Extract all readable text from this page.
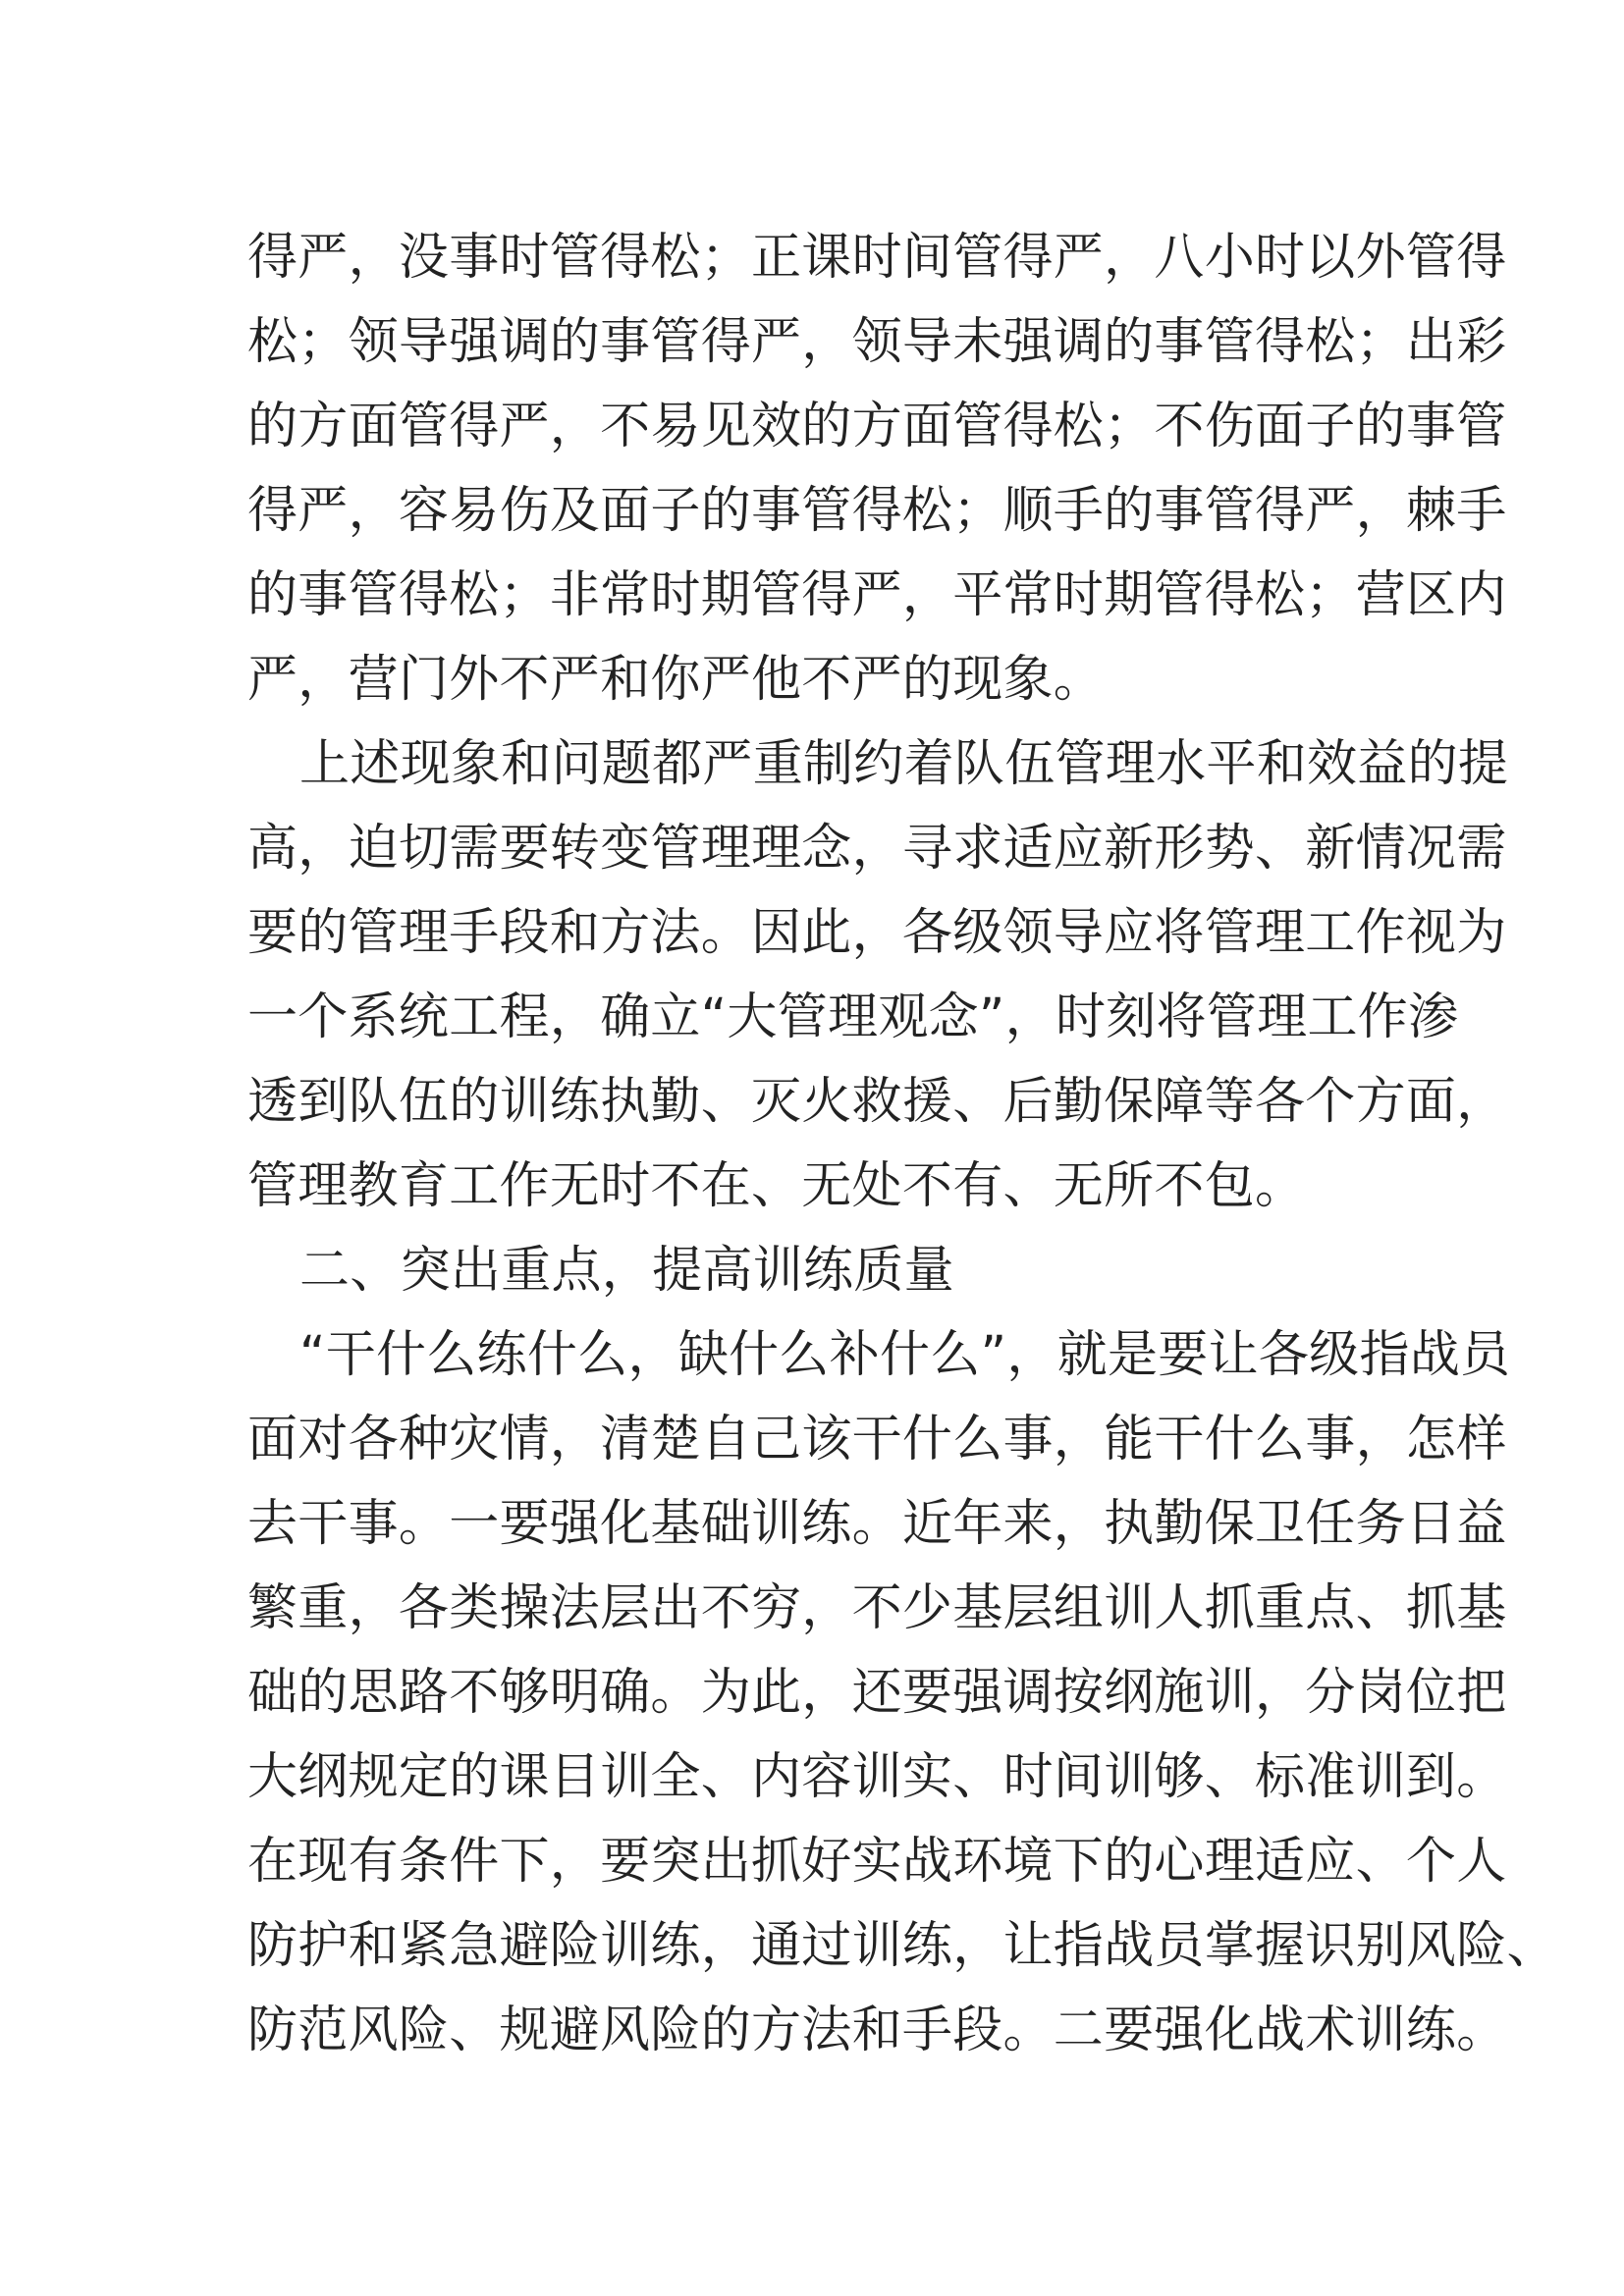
得严，没事时管得松；正课时间管得严，八小时以外管得
松；领导强调的事管得严，领导未强调的事管得松；出彩
的方面管得严，不易见效的方面管得松；不伤面子的事管
得严，容易伤及面子的事管得松；顺手的事管得严，棘手
的事管得松；非常时期管得严，平常时期管得松；营区内
严，营门外不严和你严他不严的现象。
上述现象和问题都严重制约着队伍管理水平和效益的提
高，迫切需要转变管理理念，寻求适应新形势、新情况需
要的管理手段和方法。因此，各级领导应将管理工作视为
一个系统工程，确立“大管理观念”，时刻将管理工作渗
透到队伍的训练执勤、灭火救援、后勤保障等各个方面，
管理教育工作无时不在、无处不有、无所不包。
二、突出重点，提高训练质量
“干什么练什么，缺什么补什么”，就是要让各级指战员
面对各种灾情，清楚自己该干什么事，能干什么事，怎样
去干事。一要强化基础训练。近年来，执勤保卫任务日益
繁重，各类操法层出不穷，不少基层组训人抓重点、抓基
础的思路不够明确。为此，还要强调按纲施训，分岗位把
大纲规定的课目训全、内容训实、时间训够、标准训到。
在现有条件下，要突出抓好实战环境下的心理适应、个人
防护和紧急避险训练，通过训练，让指战员掌握识别风险、
防范风险、规避风险的方法和手段。二要强化战术训练。
